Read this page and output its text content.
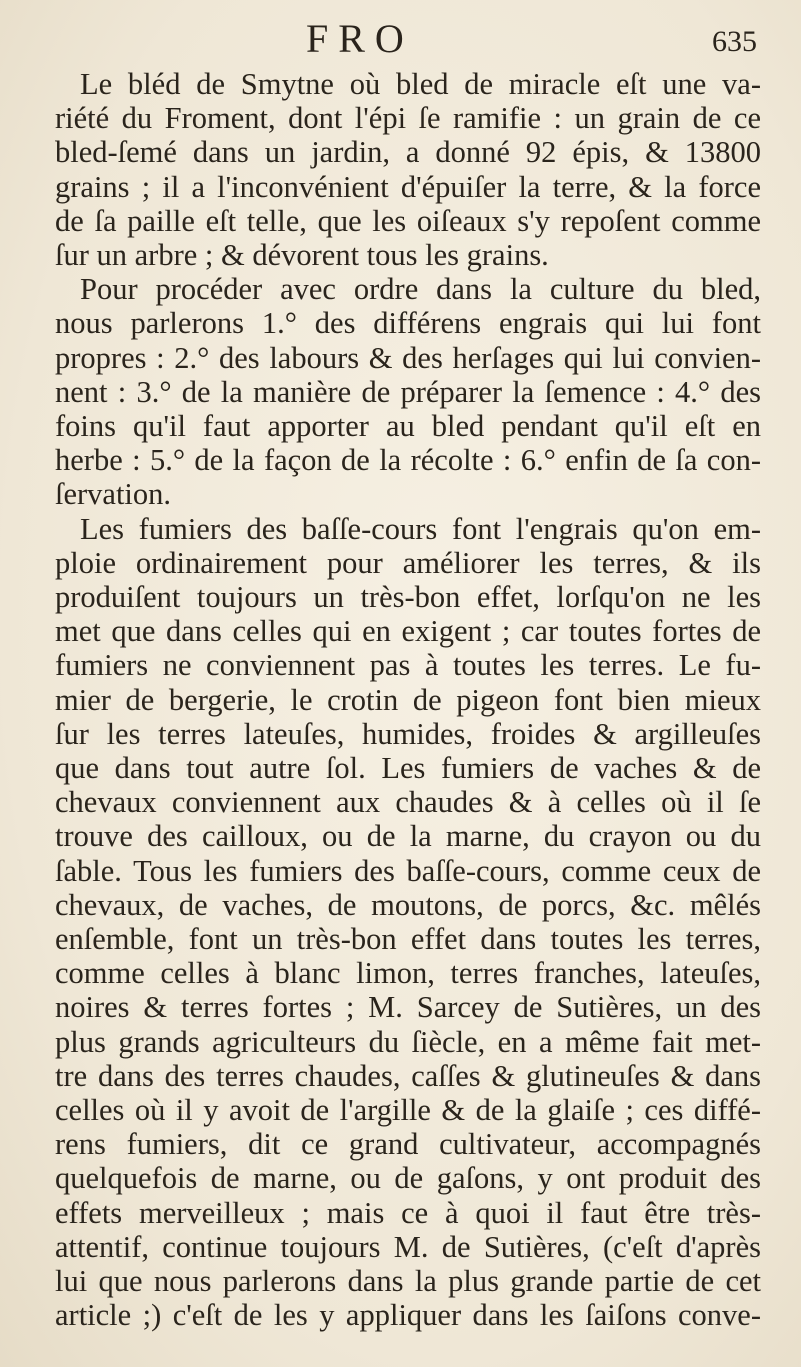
FRO	635
Le bléd de Smytne où bled de miracle eſt une va-
riété du Froment, dont l'épi ſe ramifie : un grain de ce
bled-ſemé dans un jardin, a donné 92 épis, & 13800
grains ; il a l'inconvénient d'épuiſer la terre, & la force
de ſa paille eſt telle, que les oiſeaux s'y repoſent comme
ſur un arbre ; & dévorent tous les grains.
Pour procéder avec ordre dans la culture du bled,
nous parlerons 1.° des différens engrais qui lui font
propres : 2.° des labours & des herſages qui lui convien-
nent : 3.° de la manière de préparer la ſemence : 4.° des
foins qu'il faut apporter au bled pendant qu'il eſt en
herbe : 5.° de la façon de la récolte : 6.° enfin de ſa con-
ſervation.
Les fumiers des baſſe-cours font l'engrais qu'on em-
ploie ordinairement pour améliorer les terres, & ils
produiſent toujours un très-bon effet, lorſqu'on ne les
met que dans celles qui en exigent ; car toutes fortes de
fumiers ne conviennent pas à toutes les terres. Le fu-
mier de bergerie, le crotin de pigeon font bien mieux
ſur les terres lateuſes, humides, froides & argilleuſes
que dans tout autre ſol. Les fumiers de vaches & de
chevaux conviennent aux chaudes & à celles où il ſe
trouve des cailloux, ou de la marne, du crayon ou du
ſable. Tous les fumiers des baſſe-cours, comme ceux de
chevaux, de vaches, de moutons, de porcs, &c. mêlés
enſemble, font un très-bon effet dans toutes les terres,
comme celles à blanc limon, terres franches, lateuſes,
noires & terres fortes ; M. Sarcey de Sutières, un des
plus grands agriculteurs du ſiècle, en a même fait met-
tre dans des terres chaudes, caſſes & glutineuſes & dans
celles où il y avoit de l'argille & de la glaiſe ; ces diffé-
rens fumiers, dit ce grand cultivateur, accompagnés
quelquefois de marne, ou de gaſons, y ont produit des
effets merveilleux ; mais ce à quoi il faut être très-
attentif, continue toujours M. de Sutières, (c'eſt d'après
lui que nous parlerons dans la plus grande partie de cet
article ;) c'eſt de les y appliquer dans les ſaiſons conve-
